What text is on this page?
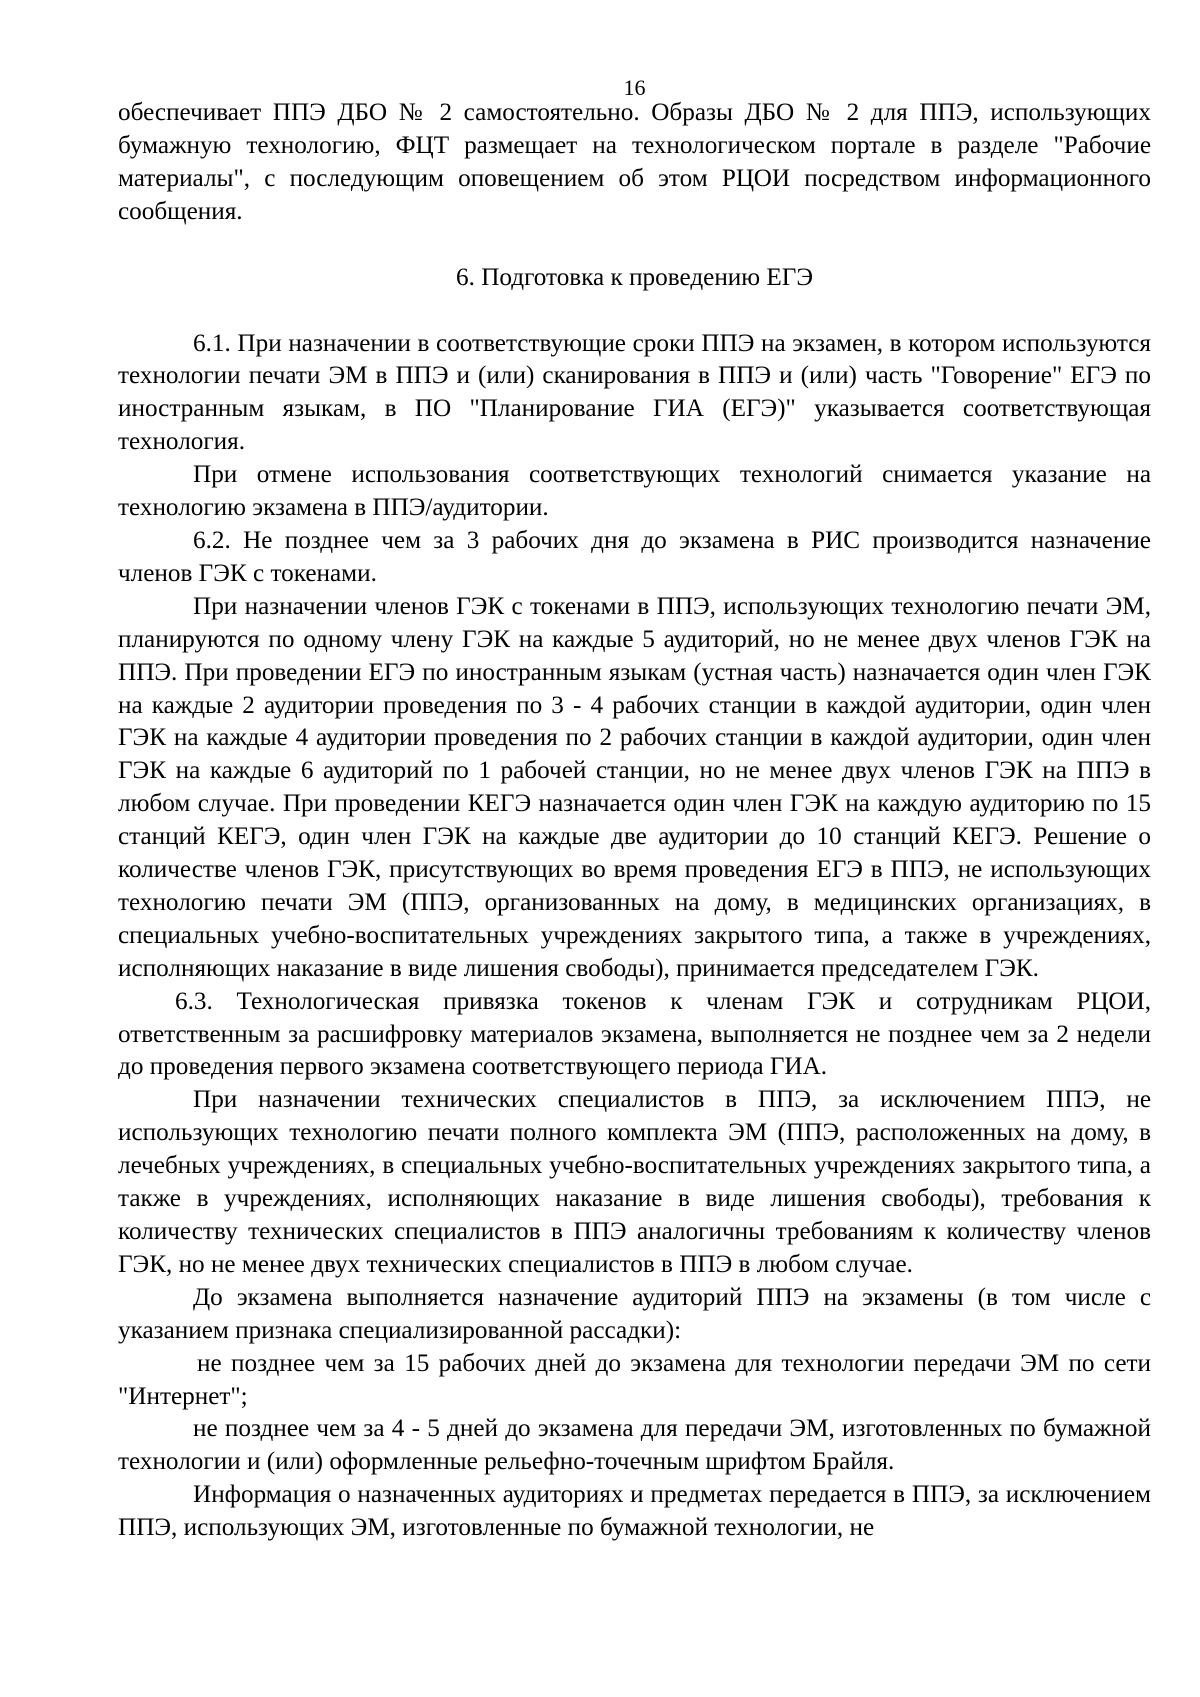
16

обеспечивает ППЭ ДБО № 2 самостоятельно. Образы ДБО № 2 для ППЭ, использующих бумажную технологию, ФЦТ размещает на технологическом портале в разделе "Рабочие материалы", с последующим оповещением об этом РЦОИ посредством информационного сообщения.

6. Подготовка к проведению ЕГЭ

6.1. При назначении в соответствующие сроки ППЭ на экзамен, в котором используются технологии печати ЭМ в ППЭ и (или) сканирования в ППЭ и (или) часть "Говорение" ЕГЭ по иностранным языкам, в ПО "Планирование ГИА (ЕГЭ)" указывается соответствующая технология.

При отмене использования соответствующих технологий снимается указание на технологию экзамена в ППЭ/аудитории.

6.2. Не позднее чем за 3 рабочих дня до экзамена в РИС производится назначение членов ГЭК с токенами.

При назначении членов ГЭК с токенами в ППЭ, использующих технологию печати ЭМ, планируются по одному члену ГЭК на каждые 5 аудиторий, но не менее двух членов ГЭК на ППЭ. При проведении ЕГЭ по иностранным языкам (устная часть) назначается один член ГЭК на каждые 2 аудитории проведения по 3 - 4 рабочих станции в каждой аудитории, один член ГЭК на каждые 4 аудитории проведения по 2 рабочих станции в каждой аудитории, один член ГЭК на каждые 6 аудиторий по 1 рабочей станции, но не менее двух членов ГЭК на ППЭ в любом случае. При проведении КЕГЭ назначается один член ГЭК на каждую аудиторию по 15 станций КЕГЭ, один член ГЭК на каждые две аудитории до 10 станций КЕГЭ. Решение о количестве членов ГЭК, присутствующих во время проведения ЕГЭ в ППЭ, не использующих технологию печати ЭМ (ППЭ, организованных на дому, в медицинских организациях, в специальных учебно-воспитательных учреждениях закрытого типа, а также в учреждениях, исполняющих наказание в виде лишения свободы), принимается председателем ГЭК.

6.3. Технологическая привязка токенов к членам ГЭК и сотрудникам РЦОИ, ответственным за расшифровку материалов экзамена, выполняется не позднее чем за 2 недели до проведения первого экзамена соответствующего периода ГИА.

При назначении технических специалистов в ППЭ, за исключением ППЭ, не использующих технологию печати полного комплекта ЭМ (ППЭ, расположенных на дому, в лечебных учреждениях, в специальных учебно-воспитательных учреждениях закрытого типа, а также в учреждениях, исполняющих наказание в виде лишения свободы), требования к количеству технических специалистов в ППЭ аналогичны требованиям к количеству членов ГЭК, но не менее двух технических специалистов в ППЭ в любом случае.

До экзамена выполняется назначение аудиторий ППЭ на экзамены (в том числе с указанием признака специализированной рассадки):

не позднее чем за 15 рабочих дней до экзамена для технологии передачи ЭМ по сети "Интернет";

не позднее чем за 4 - 5 дней до экзамена для передачи ЭМ, изготовленных по бумажной технологии и (или) оформленные рельефно-точечным шрифтом Брайля.

Информация о назначенных аудиториях и предметах передается в ППЭ, за исключением ППЭ, использующих ЭМ, изготовленные по бумажной технологии, не
